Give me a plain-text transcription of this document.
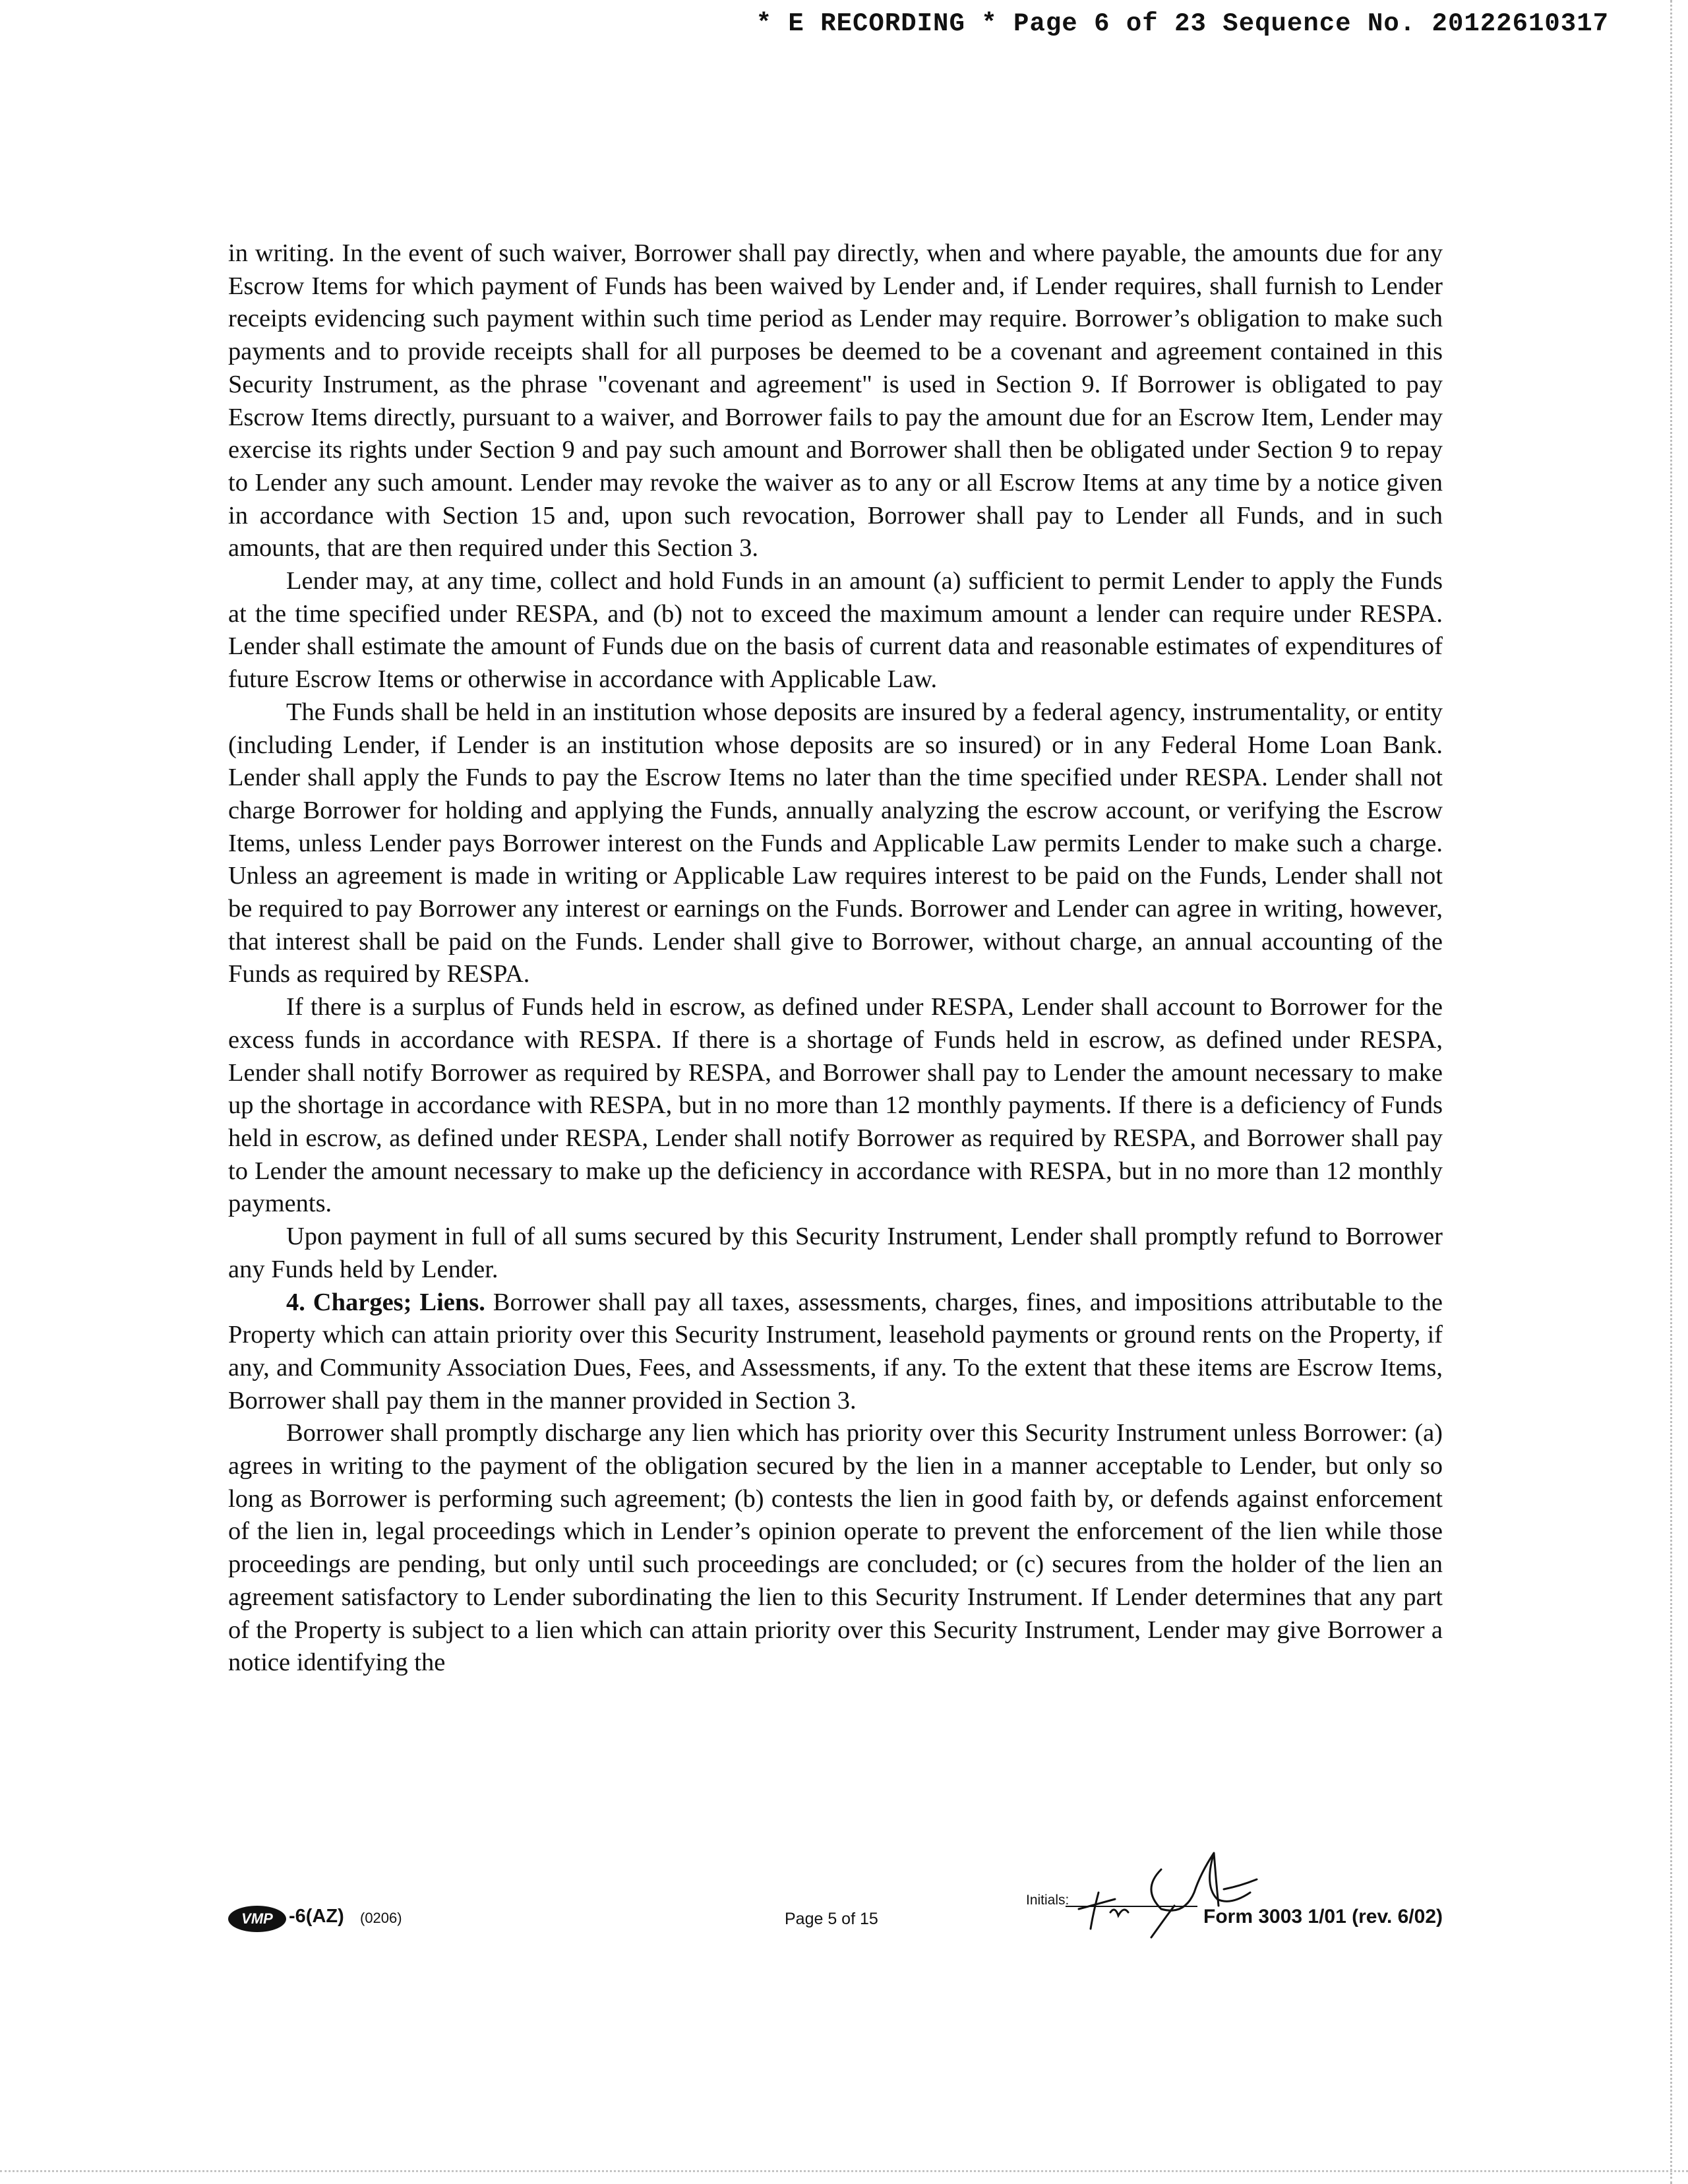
* E RECORDING * Page 6 of 23 Sequence No. 20122610317

in writing. In the event of such waiver, Borrower shall pay directly, when and where payable, the amounts due for any Escrow Items for which payment of Funds has been waived by Lender and, if Lender requires, shall furnish to Lender receipts evidencing such payment within such time period as Lender may require. Borrower’s obligation to make such payments and to provide receipts shall for all purposes be deemed to be a covenant and agreement contained in this Security Instrument, as the phrase "covenant and agreement" is used in Section 9. If Borrower is obligated to pay Escrow Items directly, pursuant to a waiver, and Borrower fails to pay the amount due for an Escrow Item, Lender may exercise its rights under Section 9 and pay such amount and Borrower shall then be obligated under Section 9 to repay to Lender any such amount. Lender may revoke the waiver as to any or all Escrow Items at any time by a notice given in accordance with Section 15 and, upon such revocation, Borrower shall pay to Lender all Funds, and in such amounts, that are then required under this Section 3.

Lender may, at any time, collect and hold Funds in an amount (a) sufficient to permit Lender to apply the Funds at the time specified under RESPA, and (b) not to exceed the maximum amount a lender can require under RESPA. Lender shall estimate the amount of Funds due on the basis of current data and reasonable estimates of expenditures of future Escrow Items or otherwise in accordance with Applicable Law.

The Funds shall be held in an institution whose deposits are insured by a federal agency, instrumentality, or entity (including Lender, if Lender is an institution whose deposits are so insured) or in any Federal Home Loan Bank. Lender shall apply the Funds to pay the Escrow Items no later than the time specified under RESPA. Lender shall not charge Borrower for holding and applying the Funds, annually analyzing the escrow account, or verifying the Escrow Items, unless Lender pays Borrower interest on the Funds and Applicable Law permits Lender to make such a charge. Unless an agreement is made in writing or Applicable Law requires interest to be paid on the Funds, Lender shall not be required to pay Borrower any interest or earnings on the Funds. Borrower and Lender can agree in writing, however, that interest shall be paid on the Funds. Lender shall give to Borrower, without charge, an annual accounting of the Funds as required by RESPA.

If there is a surplus of Funds held in escrow, as defined under RESPA, Lender shall account to Borrower for the excess funds in accordance with RESPA. If there is a shortage of Funds held in escrow, as defined under RESPA, Lender shall notify Borrower as required by RESPA, and Borrower shall pay to Lender the amount necessary to make up the shortage in accordance with RESPA, but in no more than 12 monthly payments. If there is a deficiency of Funds held in escrow, as defined under RESPA, Lender shall notify Borrower as required by RESPA, and Borrower shall pay to Lender the amount necessary to make up the deficiency in accordance with RESPA, but in no more than 12 monthly payments.

Upon payment in full of all sums secured by this Security Instrument, Lender shall promptly refund to Borrower any Funds held by Lender.

4. Charges; Liens. Borrower shall pay all taxes, assessments, charges, fines, and impositions attributable to the Property which can attain priority over this Security Instrument, leasehold payments or ground rents on the Property, if any, and Community Association Dues, Fees, and Assessments, if any. To the extent that these items are Escrow Items, Borrower shall pay them in the manner provided in Section 3.

Borrower shall promptly discharge any lien which has priority over this Security Instrument unless Borrower: (a) agrees in writing to the payment of the obligation secured by the lien in a manner acceptable to Lender, but only so long as Borrower is performing such agreement; (b) contests the lien in good faith by, or defends against enforcement of the lien in, legal proceedings which in Lender’s opinion operate to prevent the enforcement of the lien while those proceedings are pending, but only until such proceedings are concluded; or (c) secures from the holder of the lien an agreement satisfactory to Lender subordinating the lien to this Security Instrument. If Lender determines that any part of the Property is subject to a lien which can attain priority over this Security Instrument, Lender may give Borrower a notice identifying the

VMP -6(AZ) (0206)	Page 5 of 15
Initials:
Form 3003 1/01 (rev. 6/02)
